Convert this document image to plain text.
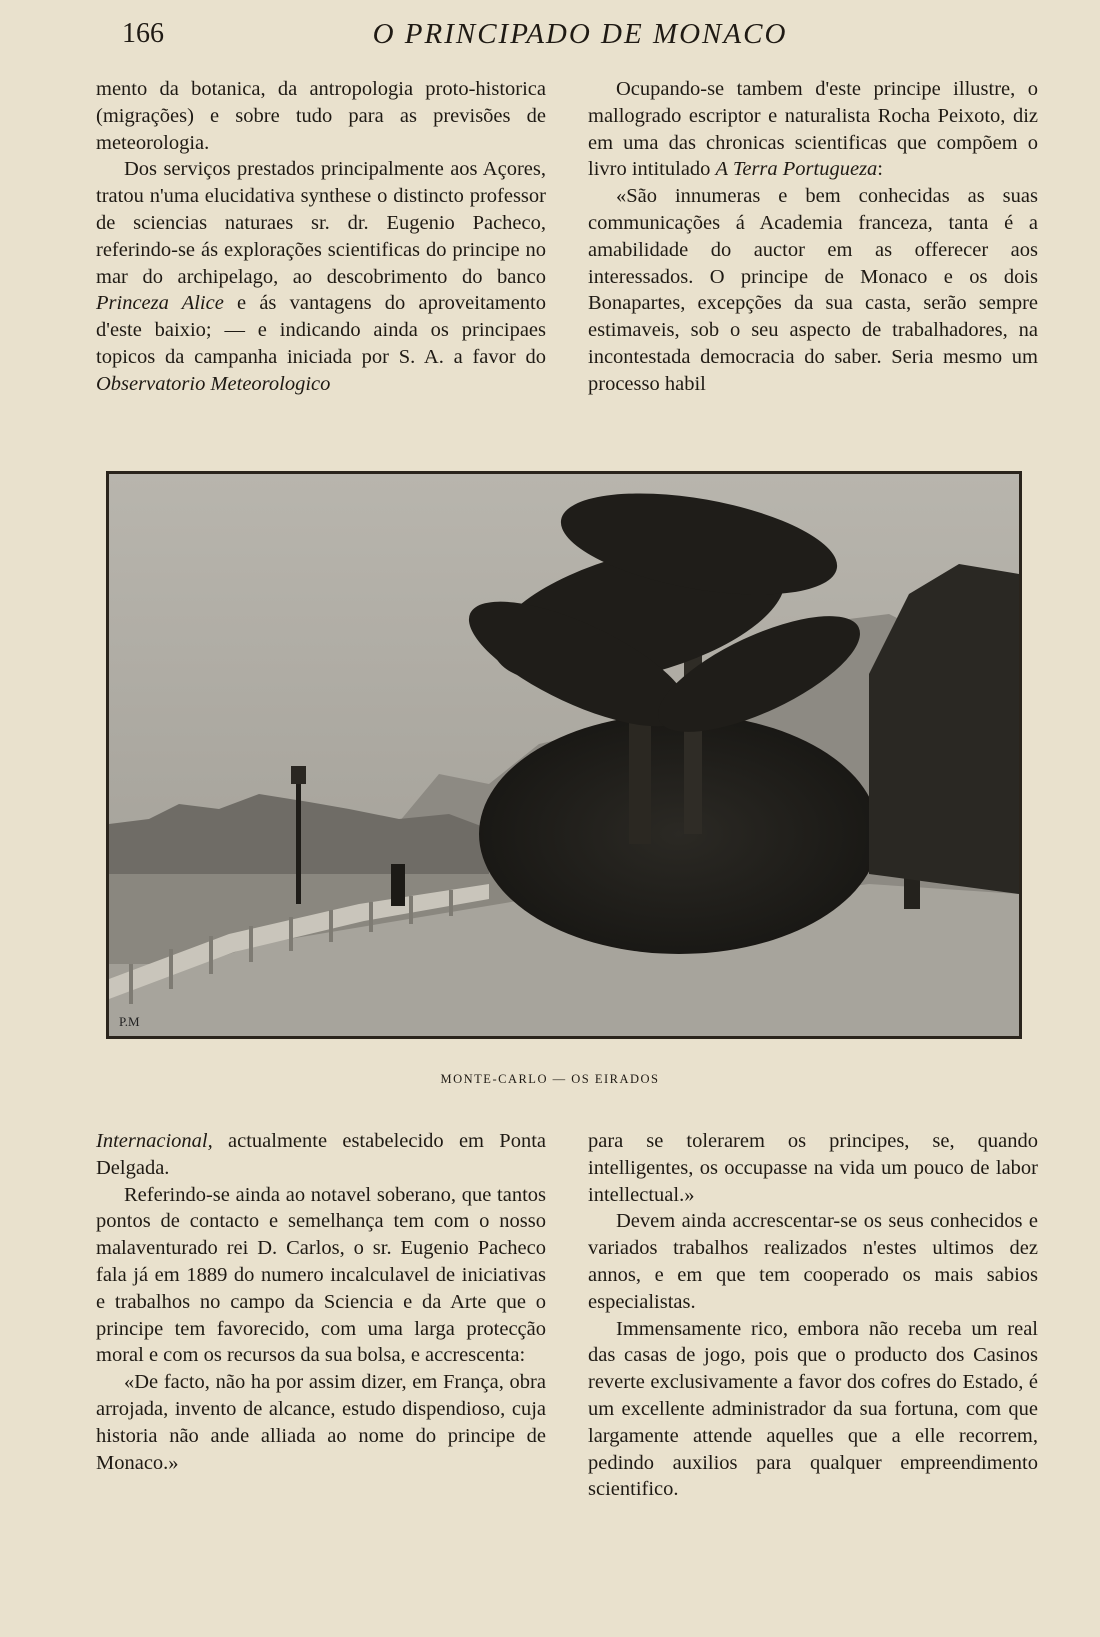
166	O PRINCIPADO DE MONACO

mento da botanica, da antropologia proto-historica (migrações) e sobre tudo para as previsões de meteorologia.

Dos serviços prestados principalmente aos Açores, tratou n'uma elucidativa synthese o distincto professor de sciencias naturaes sr. dr. Eugenio Pacheco, referindo-se ás explorações scientificas do principe no mar do archipelago, ao descobrimento do banco Princeza Alice e ás vantagens do aproveitamento d'este baixio; — e indicando ainda os principaes topicos da campanha iniciada por S. A. a favor do Observatorio Meteorologico

Ocupando-se tambem d'este principe illustre, o mallogrado escriptor e naturalista Rocha Peixoto, diz em uma das chronicas scientificas que compõem o livro intitulado A Terra Portugueza:

«São innumeras e bem conhecidas as suas communicações á Academia franceza, tanta é a amabilidade do auctor em as offerecer aos interessados. O principe de Monaco e os dois Bonapartes, excepções da sua casta, serão sempre estimaveis, sob o seu aspecto de trabalhadores, na incontestada democracia do saber. Seria mesmo um processo habil

P.M
MONTE-CARLO — OS EIRADOS

Internacional, actualmente estabelecido em Ponta Delgada.

Referindo-se ainda ao notavel soberano, que tantos pontos de contacto e semelhança tem com o nosso malaventurado rei D. Carlos, o sr. Eugenio Pacheco fala já em 1889 do numero incalculavel de iniciativas e trabalhos no campo da Sciencia e da Arte que o principe tem favorecido, com uma larga protecção moral e com os recursos da sua bolsa, e accrescenta:

«De facto, não ha por assim dizer, em França, obra arrojada, invento de alcance, estudo dispendioso, cuja historia não ande alliada ao nome do principe de Monaco.»

para se tolerarem os principes, se, quando intelligentes, os occupasse na vida um pouco de labor intellectual.»

Devem ainda accrescentar-se os seus conhecidos e variados trabalhos realizados n'estes ultimos dez annos, e em que tem cooperado os mais sabios especialistas.

Immensamente rico, embora não receba um real das casas de jogo, pois que o producto dos Casinos reverte exclusivamente a favor dos cofres do Estado, é um excellente administrador da sua fortuna, com que largamente attende aquelles que a elle recorrem, pedindo auxilios para qualquer empreendimento scientifico.
